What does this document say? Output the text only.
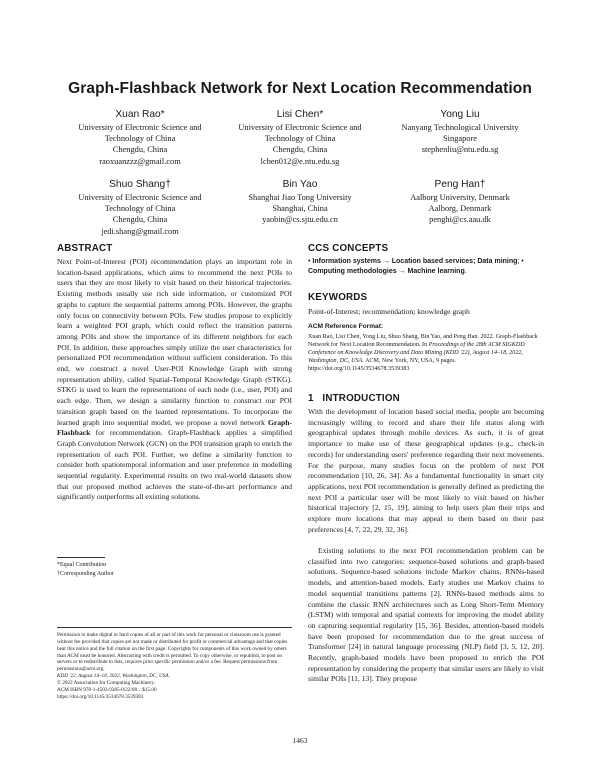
Graph-Flashback Network for Next Location Recommendation
Xuan Rao*
University of Electronic Science and
Technology of China
Chengdu, China
raoxuanzzz@gmail.com
Lisi Chen*
University of Electronic Science and
Technology of China
Chengdu, China
lchen012@e.ntu.edu.sg
Yong Liu
Nanyang Technological University
Singapore
stephenliu@ntu.edu.sg
Shuo Shang†
University of Electronic Science and
Technology of China
Chengdu, China
jedi.shang@gmail.com
Bin Yao
Shanghai Jiao Tong University
Shanghai, China
yaobin@cs.sjtu.edu.cn
Peng Han†
Aalborg University, Denmark
Aalborg, Denmark
penghi@cs.aau.dk
ABSTRACT

Next Point-of-Interest (POI) recommendation plays an important role in location-based applications, which aims to recommend the next POIs to users that they are most likely to visit based on their historical trajectories. Existing methods usually use rich side information, or customized POI graphs to capture the sequential patterns among POIs. However, the graphs only focus on connectivity between POIs. Few studies propose to explicitly learn a weighted POI graph, which could reflect the transition patterns among POIs and show the importance of its different neighbors for each POI. In addition, these approaches simply utilize the user characteristics for personalized POI recommendation without sufficient consideration. To this end, we construct a novel User-POI Knowledge Graph with strong representation ability, called Spatial-Temporal Knowledge Graph (STKG). STKG is used to learn the representations of each node (i.e., user, POI) and each edge. Then, we design a similarity function to construct our POI transition graph based on the learned representations. To incorporate the learned graph into sequential model, we propose a novel network Graph-Flashback for recommendation. Graph-Flashback applies a simplified Graph Convolution Network (GCN) on the POI transition graph to enrich the representation of each POI. Further, we define a similarity function to consider both spatiotemporal information and user preference in modelling sequential regularity. Experimental results on two real-world datasets show that our proposed method achieves the state-of-the-art performance and significantly outperforms all existing solutions.

*Equal Contribution
†Corresponding Author

Permission to make digital or hard copies of all or part of this work for personal or classroom use is granted without fee provided that copies are not made or distributed for profit or commercial advantage and that copies bear this notice and the full citation on the first page. Copyrights for components of this work owned by others than ACM must be honored. Abstracting with credit is permitted. To copy otherwise, or republish, to post on servers or to redistribute to lists, requires prior specific permission and/or a fee. Request permissions from permissions@acm.org.
KDD '22, August 14–18, 2022, Washington, DC, USA.
© 2022 Association for Computing Machinery.
ACM ISBN 978-1-4503-9385-0/22/08…$15.00
https://doi.org/10.1145/3534678.3539383

CCS CONCEPTS

• Information systems → Location based services; Data mining; • Computing methodologies → Machine learning.

KEYWORDS

Point-of-Interest; recommendation; knowledge graph

ACM Reference Format:

Xuan Rao, Lisi Chen, Yong Liu, Shuo Shang, Bin Yao, and Peng Han. 2022. Graph-Flashback Network for Next Location Recommendation. In Proceedings of the 28th ACM SIGKDD Conference on Knowledge Discovery and Data Mining (KDD '22), August 14–18, 2022, Washington, DC, USA. ACM, New York, NY, USA, 9 pages. https://doi.org/10.1145/3534678.3539383

1   INTRODUCTION

With the development of location based social media, people are becoming increasingly willing to record and share their life status along with geographical updates through mobile devices. As such, it is of great importance to make use of these geographical updates (e.g., check-in records) for understanding users' preference regarding their next movements. For the purpose, many studies focus on the problem of next POI recommendation [10, 26, 34]. As a fundamental functionality in smart city applications, next POI recommendation is generally defined as predicting the next POI a particular user will be most likely to visit based on his/her historical trajectory [2, 15, 19], aiming to help users plan their trips and explore more locations that may appeal to them based on their past preferences [4, 7, 22, 29, 32, 36].

Existing solutions to the next POI recommendation problem can be classified into two categories: sequence-based solutions and graph-based solutions. Sequence-based solutions include Markov chains, RNNs-based models, and attention-based models. Early studies use Markov chains to model sequential transitions patterns [2]. RNNs-based methods aims to combine the classic RNN architectures such as Long Short-Term Memory (LSTM) with temporal and spatial contexts for improving the model ability on capturing sequential regularity [15, 36]. Besides, attention-based models have been proposed for recommendation due to the great success of Transformer [24] in natural language processing (NLP) field [3, 5, 12, 20]. Recently, graph-based models have been proposed to enrich the POI representation by considering the property that similar users are likely to visit similar POIs [11, 13]. They propose

1463
